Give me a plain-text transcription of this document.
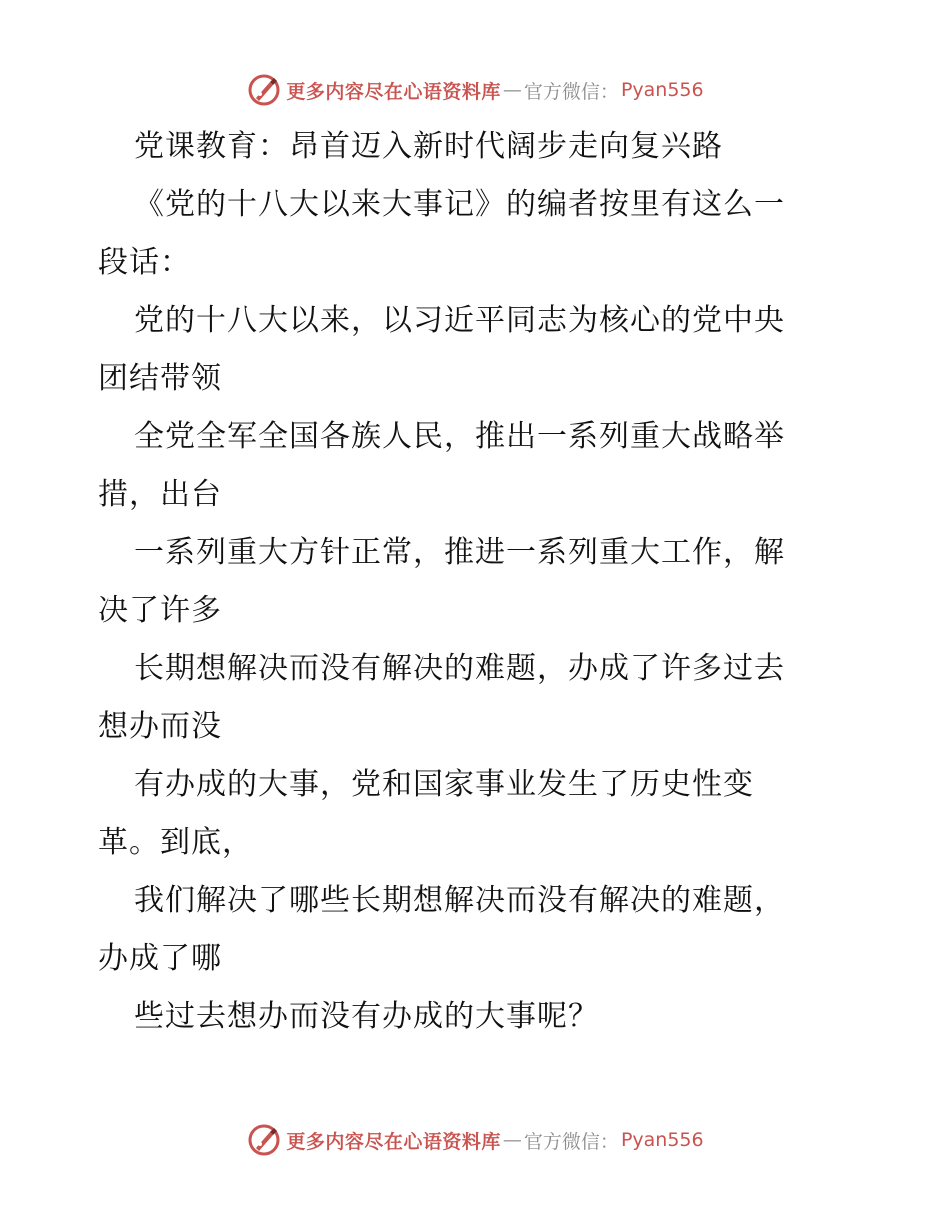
更多内容尽在心语资料库 — 官方微信： Pyan556
党课教育：昂首迈入新时代阔步走向复兴路
《党的十八大以来大事记》的编者按里有这么一
段话：
党的十八大以来，以习近平同志为核心的党中央
团结带领
全党全军全国各族人民，推出一系列重大战略举
措，出台
一系列重大方针正常，推进一系列重大工作，解
决了许多
长期想解决而没有解决的难题，办成了许多过去
想办而没
有办成的大事，党和国家事业发生了历史性变
革。到底，
我们解决了哪些长期想解决而没有解决的难题，
办成了哪
些过去想办而没有办成的大事呢？
更多内容尽在心语资料库 — 官方微信： Pyan556
